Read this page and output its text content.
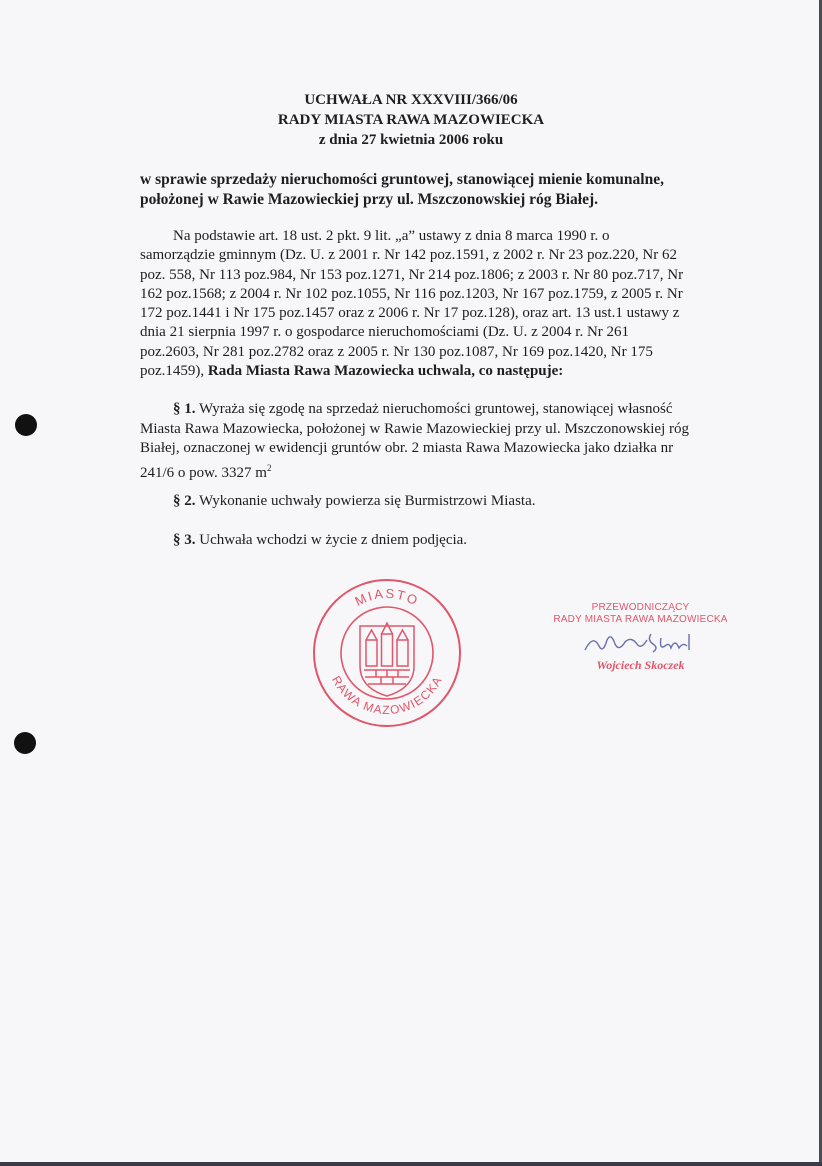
UCHWAŁA NR XXXVIII/366/06
RADY MIASTA RAWA MAZOWIECKA
z dnia 27 kwietnia 2006 roku
w sprawie sprzedaży nieruchomości gruntowej, stanowiącej mienie komunalne,
położonej w Rawie Mazowieckiej przy ul. Mszczonowskiej róg Białej.
Na podstawie art. 18 ust. 2 pkt. 9 lit. „a” ustawy z dnia 8 marca 1990 r. o
samorządzie gminnym (Dz. U. z 2001 r. Nr 142 poz.1591, z 2002 r. Nr 23 poz.220, Nr 62
poz. 558, Nr 113 poz.984, Nr 153 poz.1271, Nr 214 poz.1806; z 2003 r. Nr 80 poz.717, Nr
162 poz.1568; z 2004 r. Nr 102 poz.1055, Nr 116 poz.1203, Nr 167 poz.1759, z 2005 r. Nr
172 poz.1441 i Nr 175 poz.1457 oraz z 2006 r. Nr 17 poz.128), oraz art. 13 ust.1 ustawy z
dnia 21 sierpnia 1997 r. o gospodarce nieruchomościami (Dz. U. z 2004 r. Nr 261
poz.2603, Nr 281 poz.2782 oraz z 2005 r. Nr 130 poz.1087, Nr 169 poz.1420, Nr 175
poz.1459), Rada Miasta Rawa Mazowiecka uchwala, co następuje:
§ 1. Wyraża się zgodę na sprzedaż nieruchomości gruntowej, stanowiącej własność
Miasta Rawa Mazowiecka, położonej w Rawie Mazowieckiej przy ul. Mszczonowskiej róg
Białej, oznaczonej w ewidencji gruntów obr. 2 miasta Rawa Mazowiecka jako działka nr
241/6 o pow. 3327 $m^2$
§ 2. Wykonanie uchwały powierza się Burmistrzowi Miasta.
§ 3. Uchwała wchodzi w życie z dniem podjęcia.
MIASTO
RAWA MAZOWIECKA
PRZEWODNICZĄCY
RADY MIASTA RAWA MAZOWIECKA
Wojciech Skoczek
